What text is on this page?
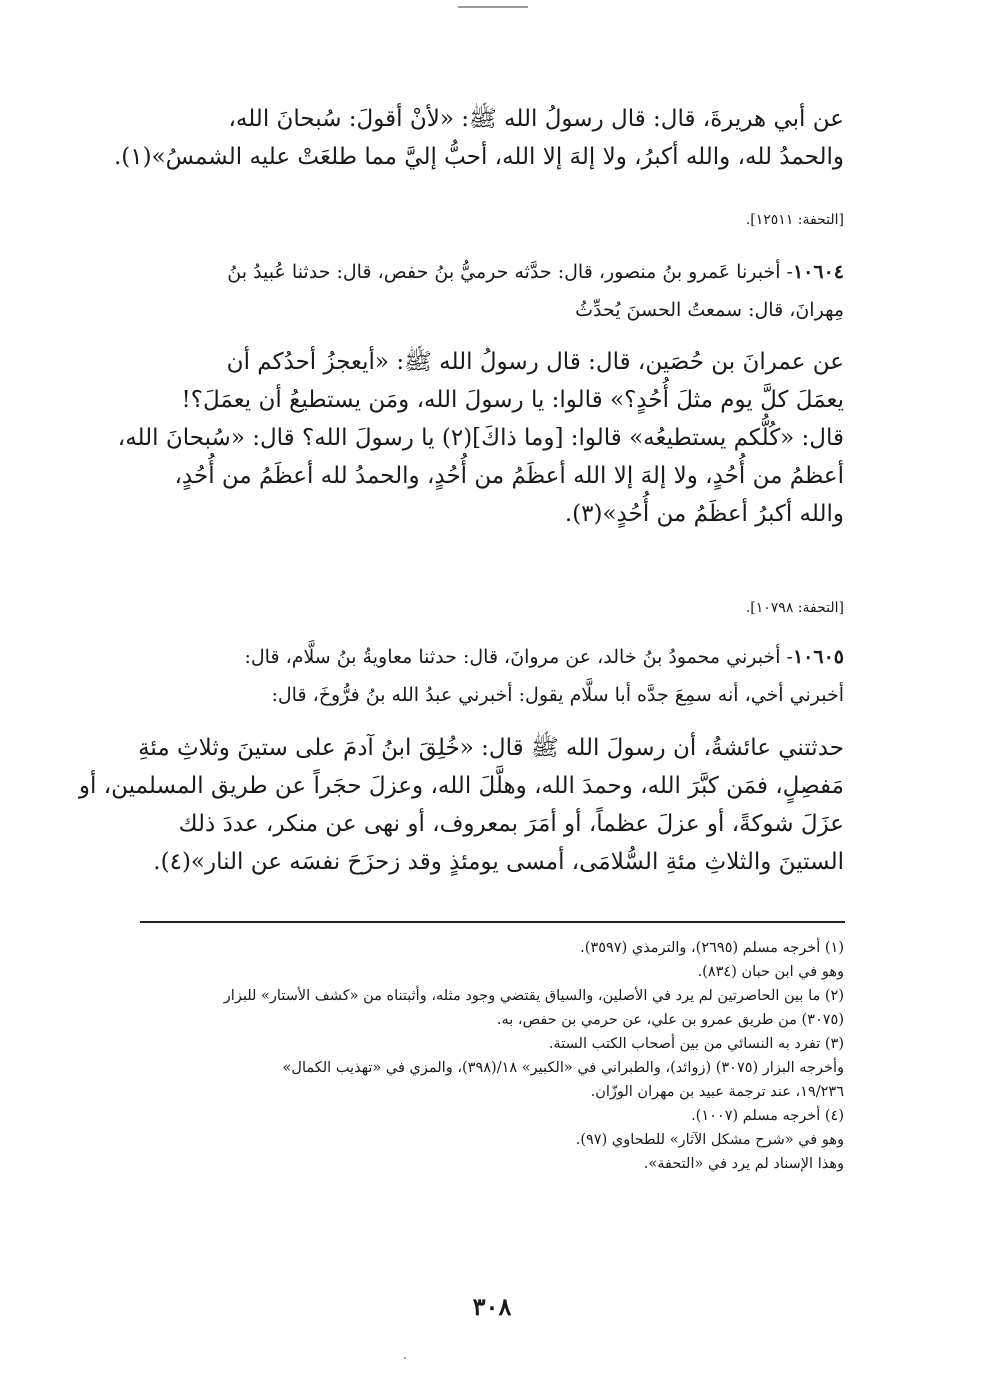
عن أبي هريرةَ، قال: قال رسولُ الله ﷺ: «لأنْ أقولَ: سُبحانَ الله،
والحمدُ لله، والله أكبرُ، ولا إلهَ إلا الله، أحبُّ إليَّ مما طلعَتْ عليه الشمسُ»(١).
[التحفة: ١٢٥١١].
١٠٦٠٤- أخبرنا عَمرو بنُ منصور، قال: حدَّثه حرميُّ بنُ حفص، قال: حدثنا عُبيدُ بنُ
مِهرانَ، قال: سمعتُ الحسنَ يُحدِّثُ
عن عمرانَ بن حُصَين، قال: قال رسولُ الله ﷺ: «أيعجزُ أحدُكم أن
يعمَلَ كلَّ يوم مثلَ أُحُدٍ؟» قالوا: يا رسولَ الله، ومَن يستطيعُ أن يعمَلَ؟!
قال: «كُلُّكم يستطيعُه» قالوا: [وما ذاكَ](٢) يا رسولَ الله؟ قال: «سُبحانَ الله،
أعظمُ من أُحُدٍ، ولا إلهَ إلا الله أعظَمُ من أُحُدٍ، والحمدُ لله أعظَمُ من أُحُدٍ،
والله أكبرُ أعظَمُ من أُحُدٍ»(٣).
[التحفة: ١٠٧٩٨].
١٠٦٠٥- أخبرني محمودُ بنُ خالد، عن مروانَ، قال: حدثنا معاويةُ بنُ سلَّام، قال:
أخبرني أخي، أنه سمِعَ جدَّه أبا سلَّام يقول: أخبرني عبدُ الله بنُ فرُّوخَ، قال:
حدثتني عائشةُ، أن رسولَ الله ﷺ قال: «خُلِقَ ابنُ آدمَ على ستينَ وثلاثِ مئةِ
مَفصِلٍ، فمَن كبَّرَ الله، وحمدَ الله، وهلَّلَ الله، وعزلَ حجَراً عن طريق المسلمين، أو
عزَلَ شوكةً، أو عزلَ عظماً، أو أمَرَ بمعروف، أو نهى عن منكر، عددَ ذلك
الستينَ والثلاثِ مئةِ السُّلامَى، أمسى يومئذٍ وقد زحزَحَ نفسَه عن النار»(٤).
(١) أخرجه مسلم (٢٦٩٥)، والترمذي (٣٥٩٧).
وهو في ابن حبان (٨٣٤).
(٢) ما بين الحاصرتين لم يرد في الأصلين، والسياق يقتضي وجود مثله، وأثبتناه من «كشف الأستار» للبزار
(٣٠٧٥) من طريق عمرو بن علي، عن حرمي بن حفص، به.
(٣) تفرد به النسائي من بين أصحاب الكتب الستة.
وأخرجه البزار (٣٠٧٥) (زوائد)، والطبراني في «الكبير» ١٨/(٣٩٨)، والمزي في «تهذيب الكمال»
١٩/٢٣٦، عند ترجمة عبيد بن مهران الوزّان.
(٤) أخرجه مسلم (١٠٠٧).
وهو في «شرح مشكل الآثار» للطحاوي (٩٧).
وهذا الإسناد لم يرد في «التحفة».
٣٠٨
